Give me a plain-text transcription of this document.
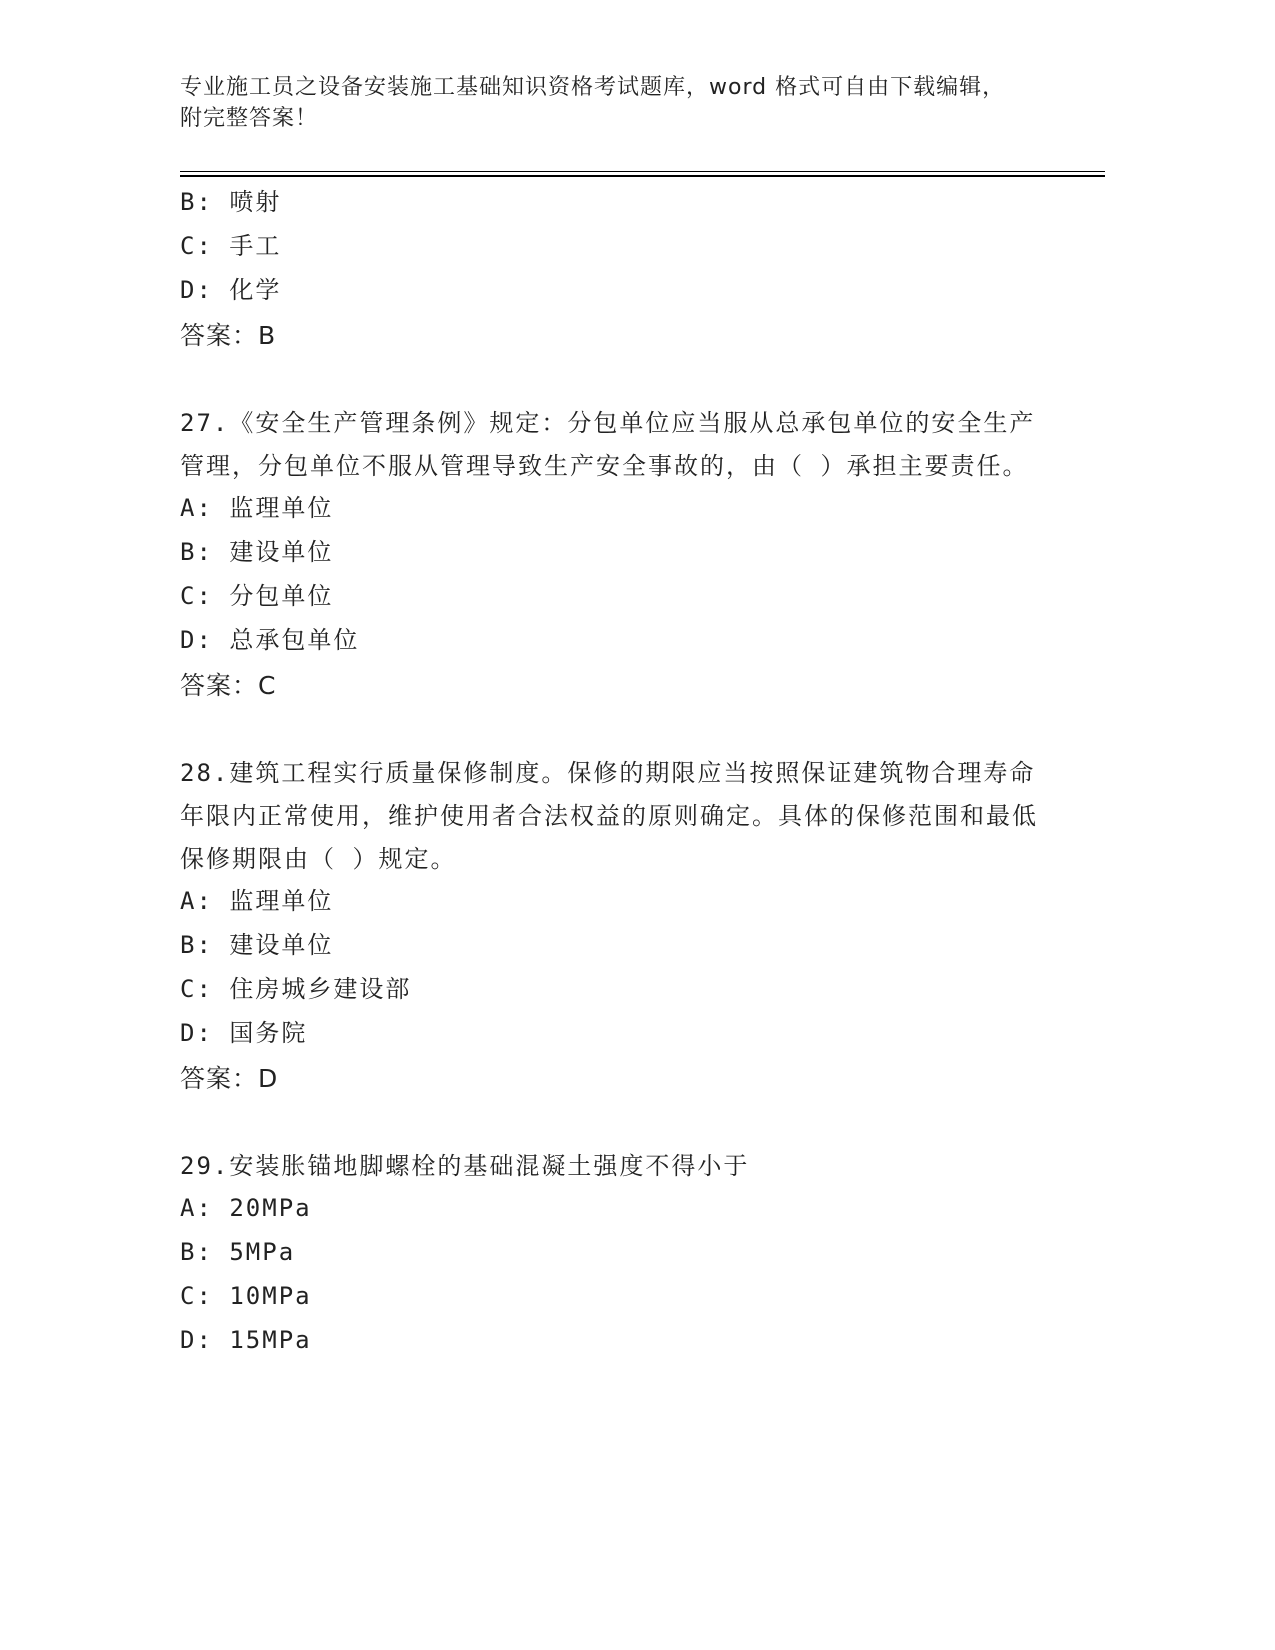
专业施工员之设备安装施工基础知识资格考试题库，word 格式可自由下载编辑，
附完整答案！
B: 喷射
C: 手工
D: 化学
答案：B
27.《安全生产管理条例》规定：分包单位应当服从总承包单位的安全生产管理，分包单位不服从管理导致生产安全事故的，由（ ）承担主要责任。
A: 监理单位
B: 建设单位
C: 分包单位
D: 总承包单位
答案：C
28.建筑工程实行质量保修制度。保修的期限应当按照保证建筑物合理寿命年限内正常使用，维护使用者合法权益的原则确定。具体的保修范围和最低保修期限由（ ）规定。
A: 监理单位
B: 建设单位
C: 住房城乡建设部
D: 国务院
答案：D
29.安装胀锚地脚螺栓的基础混凝土强度不得小于
A: 20MPa
B: 5MPa
C: 10MPa
D: 15MPa
